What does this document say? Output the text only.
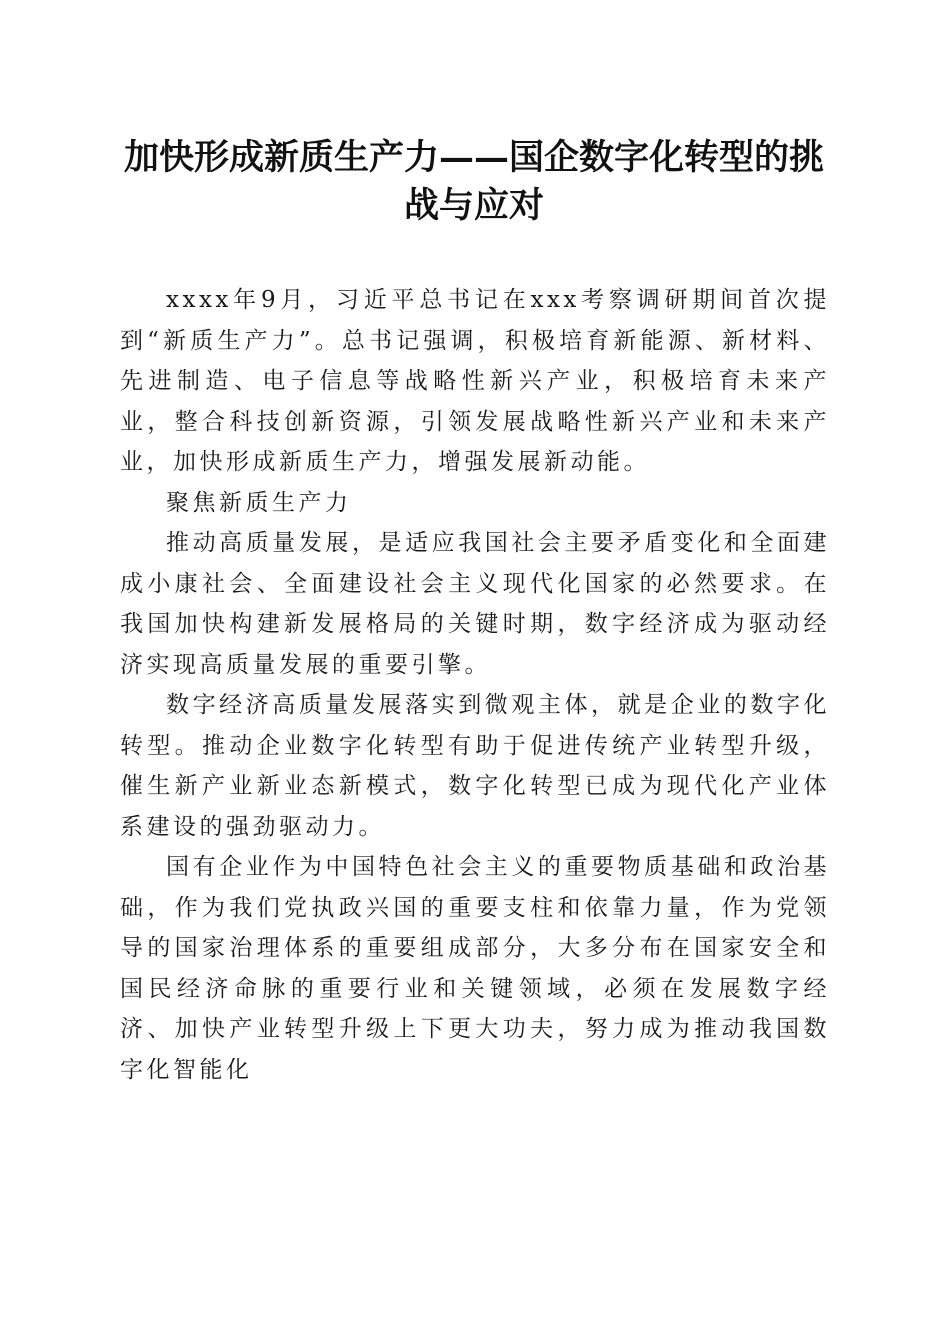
加快形成新质生产力——国企数字化转型的挑战与应对

xxxx年9月，习近平总书记在xxx考察调研期间首次提到“新质生产力”。总书记强调，积极培育新能源、新材料、先进制造、电子信息等战略性新兴产业，积极培育未来产业，整合科技创新资源，引领发展战略性新兴产业和未来产业，加快形成新质生产力，增强发展新动能。

聚焦新质生产力

推动高质量发展，是适应我国社会主要矛盾变化和全面建成小康社会、全面建设社会主义现代化国家的必然要求。在我国加快构建新发展格局的关键时期，数字经济成为驱动经济实现高质量发展的重要引擎。

数字经济高质量发展落实到微观主体，就是企业的数字化转型。推动企业数字化转型有助于促进传统产业转型升级，催生新产业新业态新模式，数字化转型已成为现代化产业体系建设的强劲驱动力。

国有企业作为中国特色社会主义的重要物质基础和政治基础，作为我们党执政兴国的重要支柱和依靠力量，作为党领导的国家治理体系的重要组成部分，大多分布在国家安全和国民经济命脉的重要行业和关键领域，必须在发展数字经济、加快产业转型升级上下更大功夫，努力成为推动我国数字化智能化
